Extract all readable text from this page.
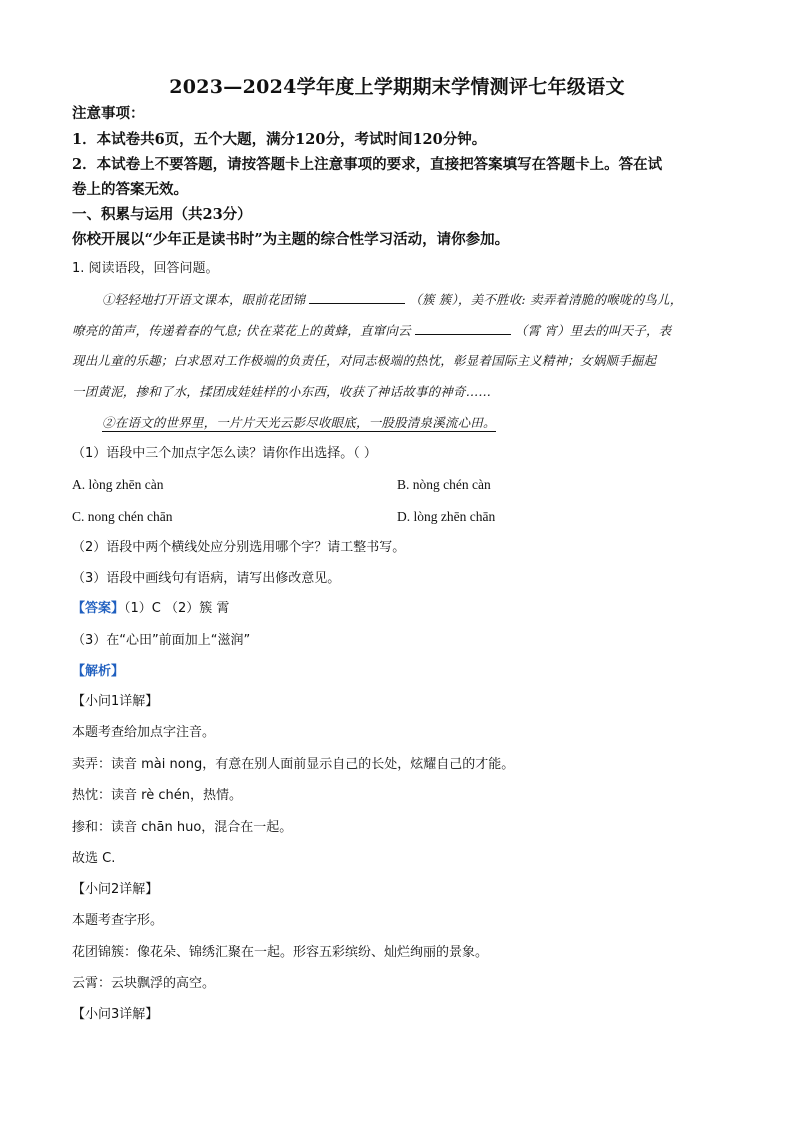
2023—2024学年度上学期期末学情测评七年级语文
注意事项：
1．本试卷共6页，五个大题，满分120分，考试时间120分钟。
2．本试卷上不要答题，请按答题卡上注意事项的要求，直接把答案填写在答题卡上。答在试
卷上的答案无效。
一、积累与运用（共23分）
你校开展以“少年正是读书时”为主题的综合性学习活动，请你参加。
1. 阅读语段，回答问题。
①轻轻地打开语文课本，眼前花团锦	（簇 簇），美不胜收: 卖弄着清脆的喉咙的鸟儿，
嘹亮的笛声，传递着春的气息; 伏在菜花上的黄蜂，直窜向云	（霄 宵）里去的叫天子，表
现出儿童的乐趣；白求恩对工作极端的负责任，对同志极端的热忱，彰显着国际主义精神；女娲顺手掘起
一团黄泥，掺和了水，揉团成娃娃样的小东西，收获了神话故事的神奇……
②在语文的世界里，一片片天光云影尽收眼底，一股股清泉溪流心田。
（1）语段中三个加点字怎么读？请你作出选择。（ ）
A. lòng zhēn càn	B. nòng chén càn
C. nong chén chān	D. lòng zhēn chān
（2）语段中两个横线处应分别选用哪个字？请工整书写。
（3）语段中画线句有语病，请写出修改意见。
【答案】（1）C （2）簇 霄
（3）在“心田”前面加上“滋润”
【解析】
【小问1详解】
本题考查给加点字注音。
卖弄：读音 mài nong，有意在别人面前显示自己的长处，炫耀自己的才能。
热忱：读音 rè chén，热情。
掺和：读音 chān huo，混合在一起。
故选 C.
【小问2详解】
本题考查字形。
花团锦簇：像花朵、锦绣汇聚在一起。形容五彩缤纷、灿烂绚丽的景象。
云霄：云块飘浮的高空。
【小问3详解】
